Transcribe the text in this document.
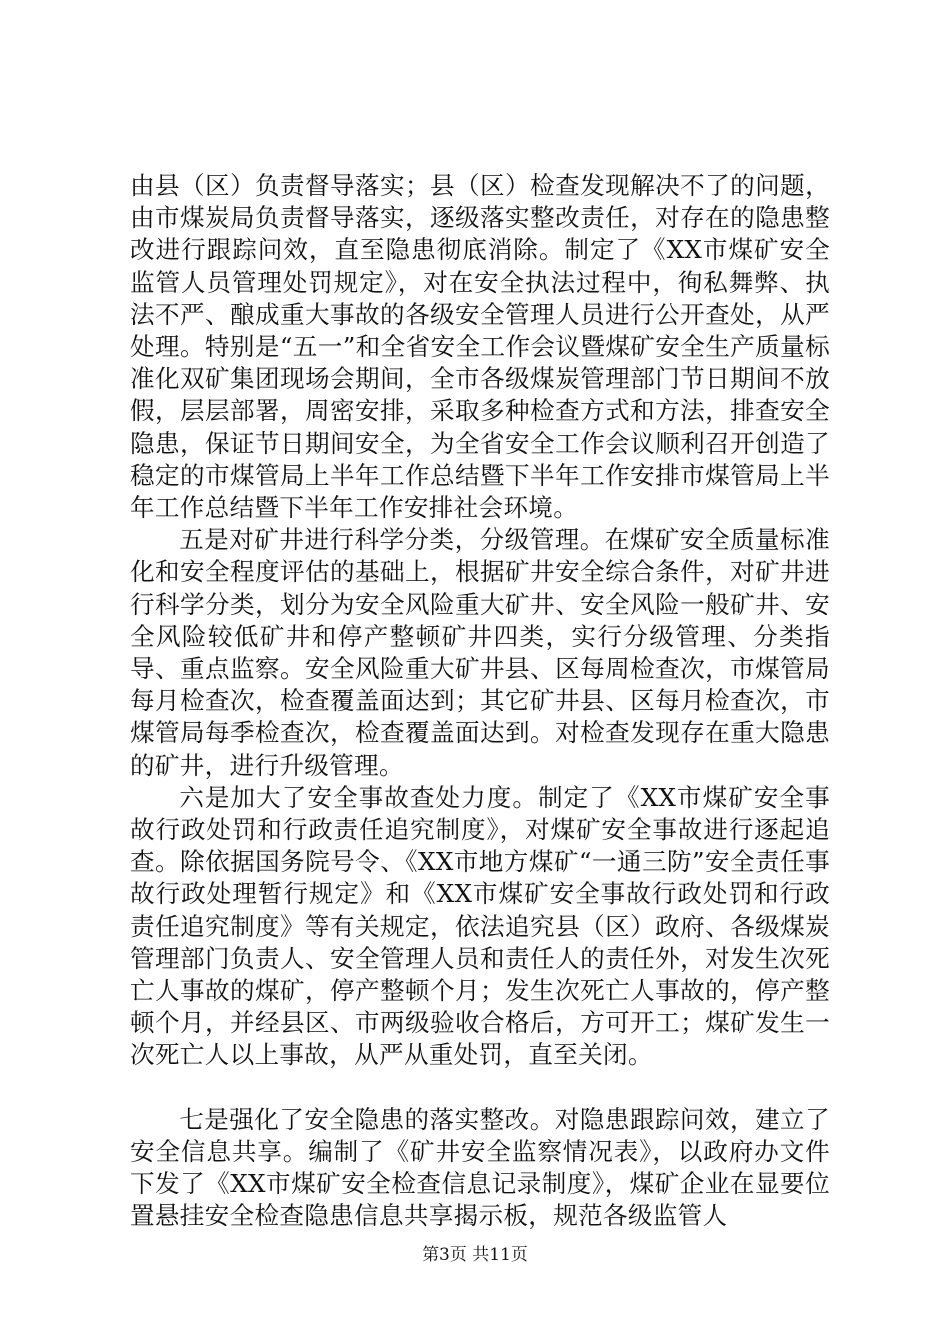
由县（区）负责督导落实；县（区）检查发现解决不了的问题，由市煤炭局负责督导落实，逐级落实整改责任，对存在的隐患整改进行跟踪问效，直至隐患彻底消除。制定了《XX市煤矿安全监管人员管理处罚规定》，对在安全执法过程中，徇私舞弊、执法不严、酿成重大事故的各级安全管理人员进行公开查处，从严处理。特别是“五一”和全省安全工作会议暨煤矿安全生产质量标准化双矿集团现场会期间，全市各级煤炭管理部门节日期间不放假，层层部署，周密安排，采取多种检查方式和方法，排查安全隐患，保证节日期间安全，为全省安全工作会议顺利召开创造了稳定的市煤管局上半年工作总结暨下半年工作安排市煤管局上半年工作总结暨下半年工作安排社会环境。

五是对矿井进行科学分类，分级管理。在煤矿安全质量标准化和安全程度评估的基础上，根据矿井安全综合条件，对矿井进行科学分类，划分为安全风险重大矿井、安全风险一般矿井、安全风险较低矿井和停产整顿矿井四类，实行分级管理、分类指导、重点监察。安全风险重大矿井县、区每周检查次，市煤管局每月检查次，检查覆盖面达到；其它矿井县、区每月检查次，市煤管局每季检查次，检查覆盖面达到。对检查发现存在重大隐患的矿井，进行升级管理。

六是加大了安全事故查处力度。制定了《XX市煤矿安全事故行政处罚和行政责任追究制度》，对煤矿安全事故进行逐起追查。除依据国务院号令、《XX市地方煤矿“一通三防”安全责任事故行政处理暂行规定》和《XX市煤矿安全事故行政处罚和行政责任追究制度》等有关规定，依法追究县（区）政府、各级煤炭管理部门负责人、安全管理人员和责任人的责任外，对发生次死亡人事故的煤矿，停产整顿个月；发生次死亡人事故的，停产整顿个月，并经县区、市两级验收合格后，方可开工；煤矿发生一次死亡人以上事故，从严从重处罚，直至关闭。

七是强化了安全隐患的落实整改。对隐患跟踪问效，建立了安全信息共享。编制了《矿井安全监察情况表》，以政府办文件下发了《XX市煤矿安全检查信息记录制度》，煤矿企业在显要位置悬挂安全检查隐患信息共享揭示板，规范各级监管人

第3页 共11页
